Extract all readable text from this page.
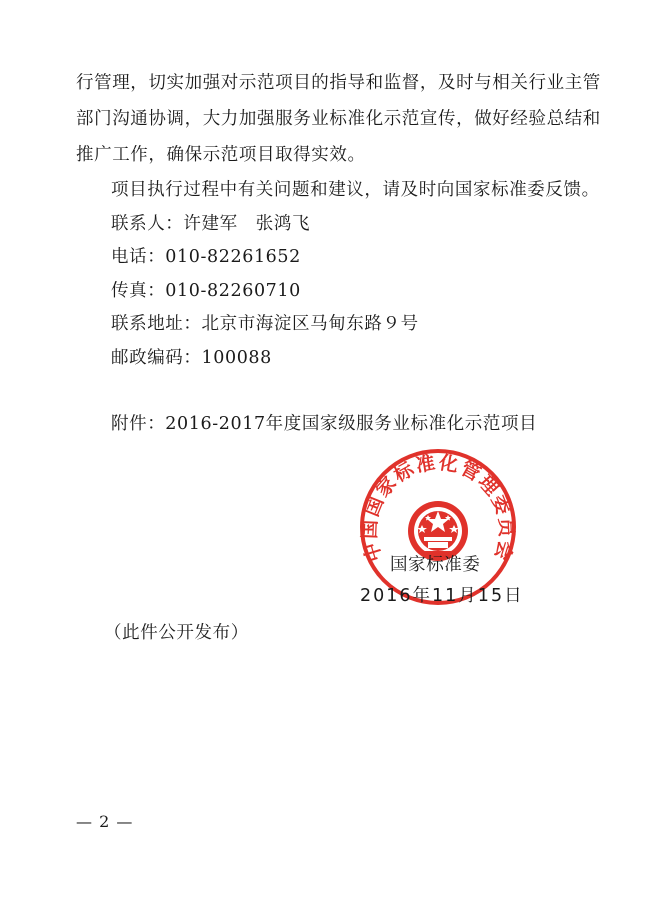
行管理，切实加强对示范项目的指导和监督，及时与相关行业主管
部门沟通协调，大力加强服务业标准化示范宣传，做好经验总结和
推广工作，确保示范项目取得实效。
项目执行过程中有关问题和建议，请及时向国家标准委反馈。
联系人：许建军　张鸿飞
电话：010-82261652
传真：010-82260710
联系地址：北京市海淀区马甸东路９号
邮政编码：100088
附件：2016-2017年度国家级服务业标准化示范项目
中国国家标准化管理委员会
国家标准委
2016年11月15日
（此件公开发布）
— 2 —
